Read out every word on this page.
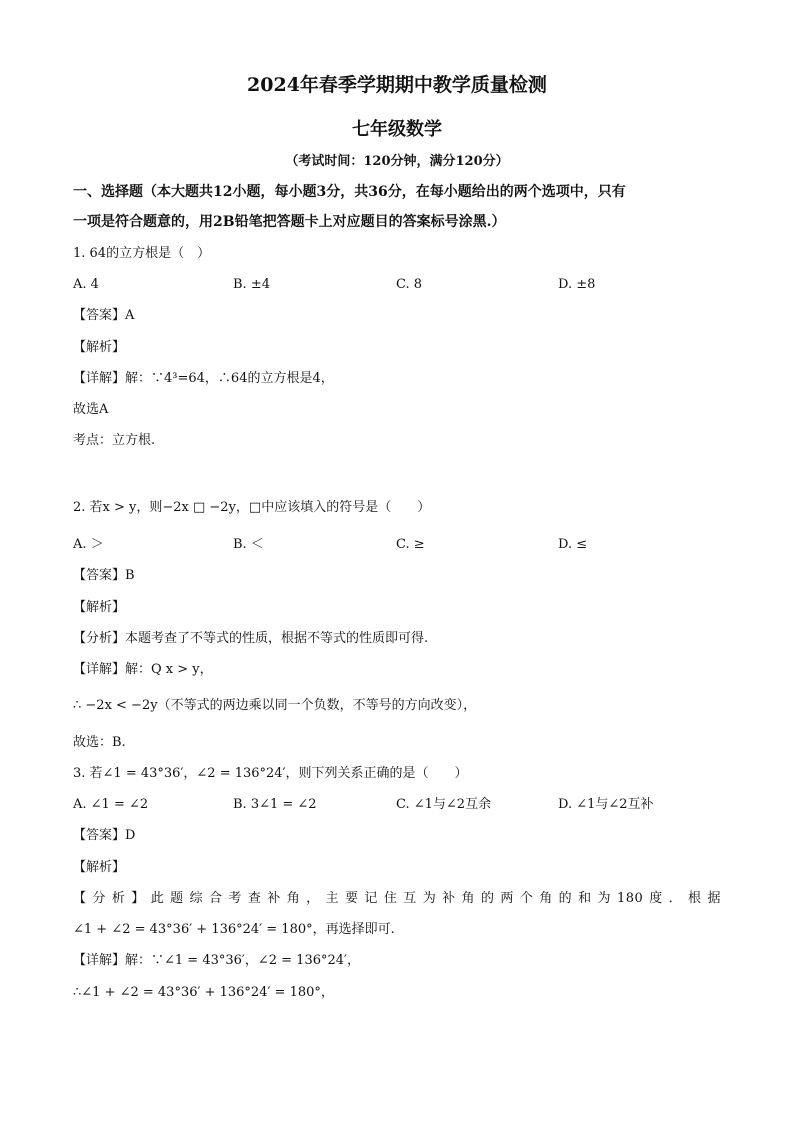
2024年春季学期期中教学质量检测
七年级数学
（考试时间：120分钟，满分120分）
一、选择题（本大题共12小题，每小题3分，共36分，在每小题给出的两个选项中，只有
一项是符合题意的，用2B铅笔把答题卡上对应题目的答案标号涂黑.）
1. 64的立方根是（　）
A. 4	B. ±4	C. 8	D. ±8
【答案】A
【解析】
【详解】解：∵4³=64，∴64的立方根是4，
故选A
考点：立方根.
2. 若x > y，则−2x □ −2y，□中应该填入的符号是（　　）
A. ＞	B. ＜	C. ≥	D. ≤
【答案】B
【解析】
【分析】本题考查了不等式的性质，根据不等式的性质即可得.
【详解】解：Q x > y，
∴ −2x < −2y（不等式的两边乘以同一个负数，不等号的方向改变），
故选：B.
3. 若∠1 = 43°36′，∠2 = 136°24′，则下列关系正确的是（　　）
A. ∠1 = ∠2	B. 3∠1 = ∠2	C. ∠1与∠2互余	D. ∠1与∠2互补
【答案】D
【解析】
【分析】此题综合考查补角，主要记住互为补角的两个角的和为180度．根据
∠1 + ∠2 = 43°36′ + 136°24′ = 180°，再选择即可.
【详解】解：∵∠1 = 43°36′，∠2 = 136°24′，
∴∠1 + ∠2 = 43°36′ + 136°24′ = 180°，
